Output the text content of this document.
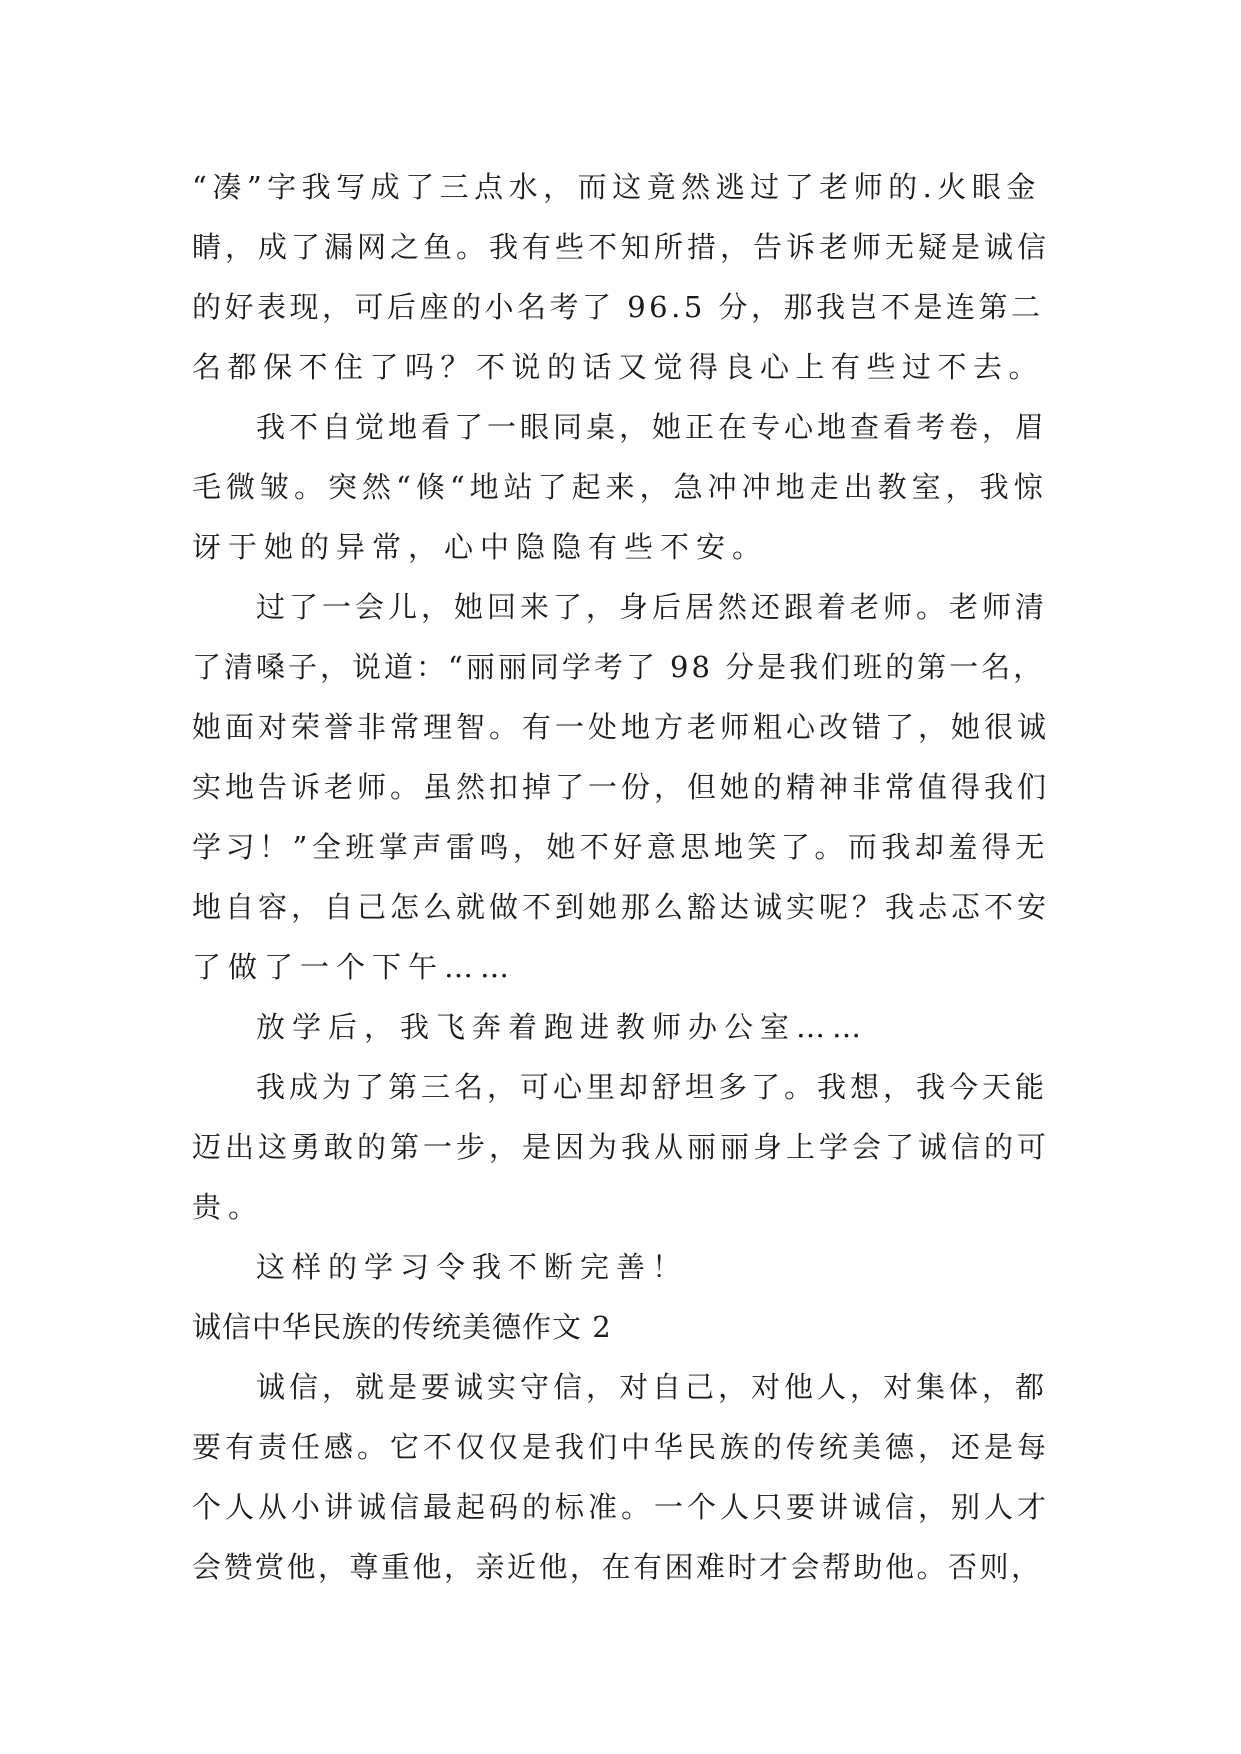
“凑”字我写成了三点水，而这竟然逃过了老师的.火眼金
睛，成了漏网之鱼。我有些不知所措，告诉老师无疑是诚信
的好表现，可后座的小名考了 96.5 分，那我岂不是连第二
名都保不住了吗？不说的话又觉得良心上有些过不去。
我不自觉地看了一眼同桌，她正在专心地查看考卷，眉
毛微皱。突然“倏“地站了起来，急冲冲地走出教室，我惊
讶于她的异常，心中隐隐有些不安。
过了一会儿，她回来了，身后居然还跟着老师。老师清
了清嗓子，说道：“丽丽同学考了 98 分是我们班的第一名，
她面对荣誉非常理智。有一处地方老师粗心改错了，她很诚
实地告诉老师。虽然扣掉了一份，但她的精神非常值得我们
学习！”全班掌声雷鸣，她不好意思地笑了。而我却羞得无
地自容，自己怎么就做不到她那么豁达诚实呢？我忐忑不安
了做了一个下午……
放学后，我飞奔着跑进教师办公室……
我成为了第三名，可心里却舒坦多了。我想，我今天能
迈出这勇敢的第一步，是因为我从丽丽身上学会了诚信的可
贵。
这样的学习令我不断完善！
诚信中华民族的传统美德作文 2
诚信，就是要诚实守信，对自己，对他人，对集体，都
要有责任感。它不仅仅是我们中华民族的传统美德，还是每
个人从小讲诚信最起码的标准。一个人只要讲诚信，别人才
会赞赏他，尊重他，亲近他，在有困难时才会帮助他。否则，
